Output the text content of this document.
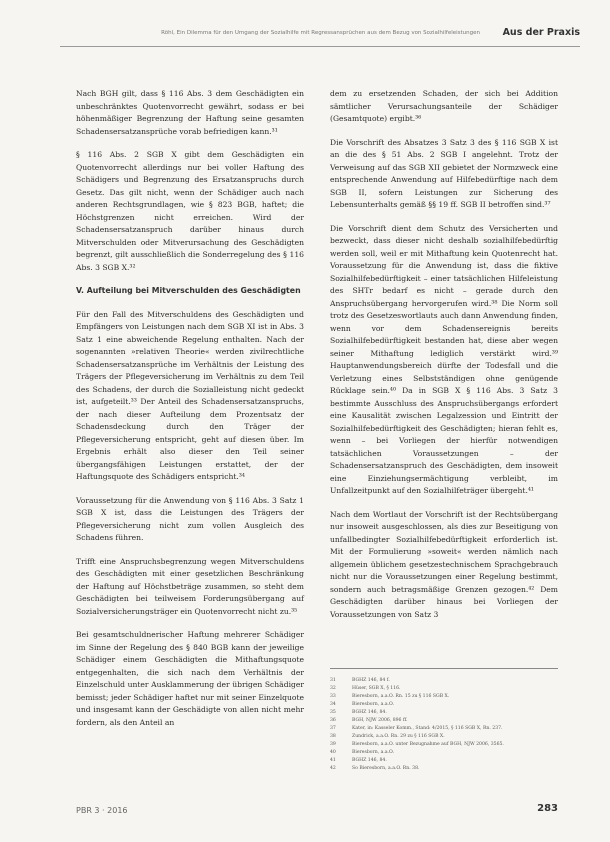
Röhl, Ein Dilemma für den Umgang der Sozialhilfe mit Regressansprüchen aus dem Bezug von Sozialhilfeleistungen Aus der Praxis

Nach BGH gilt, dass § 116 Abs. 3 dem Geschädigten ein unbeschränktes Quotenvorrecht gewährt, sodass er bei höhenmäßiger Begrenzung der Haftung seine gesamten Schadensersatzansprüche vorab befriedigen kann.³¹

§ 116 Abs. 2 SGB X gibt dem Geschädigten ein Quotenvorrecht allerdings nur bei voller Haftung des Schädigers und Begrenzung des Ersatzanspruchs durch Gesetz. Das gilt nicht, wenn der Schädiger auch nach anderen Rechtsgrundlagen, wie § 823 BGB, haftet; die Höchstgrenzen nicht erreichen. Wird der Schadensersatzanspruch darüber hinaus durch Mitverschulden oder Mitverursachung des Geschädigten begrenzt, gilt ausschließlich die Sonderregelung des § 116 Abs. 3 SGB X.³²

V. Aufteilung bei Mitverschulden des Geschädigten

Für den Fall des Mitverschuldens des Geschädigten und Empfängers von Leistungen nach dem SGB XI ist in Abs. 3 Satz 1 eine abweichende Regelung enthalten. Nach der sogenannten »relativen Theorie« werden zivilrechtliche Schadensersatzansprüche im Verhältnis der Leistung des Trägers der Pflegeversicherung im Verhältnis zu dem Teil des Schadens, der durch die Sozialleistung nicht gedeckt ist, aufgeteilt.³³ Der Anteil des Schadensersatzanspruchs, der nach dieser Aufteilung dem Prozentsatz der Schadensdeckung durch den Träger der Pflegeversicherung entspricht, geht auf diesen über. Im Ergebnis erhält also dieser den Teil seiner übergangsfähigen Leistungen erstattet, der der Haftungsquote des Schädigers entspricht.³⁴

Voraussetzung für die Anwendung von § 116 Abs. 3 Satz 1 SGB X ist, dass die Leistungen des Trägers der Pflegeversicherung nicht zum vollen Ausgleich des Schadens führen.

Trifft eine Anspruchsbegrenzung wegen Mitverschuldens des Geschädigten mit einer gesetzlichen Beschränkung der Haftung auf Höchstbeträge zusammen, so steht dem Geschädigten bei teilweisem Forderungsübergang auf Sozialversicherungsträger ein Quotenvorrecht nicht zu.³⁵

Bei gesamtschuldnerischer Haftung mehrerer Schädiger im Sinne der Regelung des § 840 BGB kann der jeweilige Schädiger einem Geschädigten die Mithaftungsquote entgegenhalten, die sich nach dem Verhältnis der Einzelschuld unter Ausklammerung der übrigen Schädiger bemisst; jeder Schädiger haftet nur mit seiner Einzelquote und insgesamt kann der Geschädigte von allen nicht mehr fordern, als den Anteil an

dem zu ersetzenden Schaden, der sich bei Addition sämtlicher Verursachungsanteile der Schädiger (Gesamtquote) ergibt.³⁶

Die Vorschrift des Absatzes 3 Satz 3 des § 116 SGB X ist an die des § 51 Abs. 2 SGB I angelehnt. Trotz der Verweisung auf das SGB XII gebietet der Normzweck eine entsprechende Anwendung auf Hilfebedürftige nach dem SGB II, sofern Leistungen zur Sicherung des Lebensunterhalts gemäß §§ 19 ff. SGB II betroffen sind.³⁷

Die Vorschrift dient dem Schutz des Versicherten und bezweckt, dass dieser nicht deshalb sozialhilfebedürftig werden soll, weil er mit Mithaftung kein Quotenrecht hat. Voraussetzung für die Anwendung ist, dass die fiktive Sozialhilfebedürftigkeit – einer tatsächlichen Hilfeleistung des SHTr bedarf es nicht – gerade durch den Anspruchsübergang hervorgerufen wird.³⁸ Die Norm soll trotz des Gesetzeswortlauts auch dann Anwendung finden, wenn vor dem Schadensereignis bereits Sozialhilfebedürftigkeit bestanden hat, diese aber wegen seiner Mithaftung lediglich verstärkt wird.³⁹ Hauptanwendungsbereich dürfte der Todesfall und die Verletzung eines Selbstständigen ohne genügende Rücklage sein.⁴⁰ Da in SGB X § 116 Abs. 3 Satz 3 bestimmte Ausschluss des Anspruchsübergangs erfordert eine Kausalität zwischen Legalzession und Eintritt der Sozialhilfebedürftigkeit des Geschädigten; hieran fehlt es, wenn – bei Vorliegen der hierfür notwendigen tatsächlichen Voraussetzungen – der Schadensersatzanspruch des Geschädigten, dem insoweit eine Einziehungsermächtigung verbleibt, im Unfallzeitpunkt auf den Sozialhilfeträger übergeht.⁴¹

Nach dem Wortlaut der Vorschrift ist der Rechtsübergang nur insoweit ausgeschlossen, als dies zur Beseitigung von unfallbedingter Sozialhilfebedürftigkeit erforderlich ist. Mit der Formulierung »soweit« werden nämlich nach allgemein üblichem gesetzestechnischem Sprachgebrauch nicht nur die Voraussetzungen einer Regelung bestimmt, sondern auch betragsmäßige Grenzen gezogen.⁴² Dem Geschädigten darüber hinaus bei Vorliegen der Voraussetzungen von Satz 3

31	BGHZ 146, 84 f.
32	Hüser, SGB X, § 116.
33	Bieresborn, a.a.O. Rn. 15 zu § 116 SGB X.
34	Bieresborn, a.a.O.
35	BGHZ 146, 84.
36	BGH, NJW 2006, 896 ff.
37	Kater, in: Kasseler Komm., Stand: 4/2015, § 116 SGB X, Rn. 237.
38	Zundrick, a.a.O. Rn. 29 zu § 116 SGB X.
39	Bieresborn, a.a.O. unter Bezugnahme auf BGH, NJW 2006, 3565.
40	Bieresborn, a.a.O.
41	BGHZ 146, 84.
42	So Bieresborn, a.a.O. Rn. 38.
PBR 3 · 2016	283
